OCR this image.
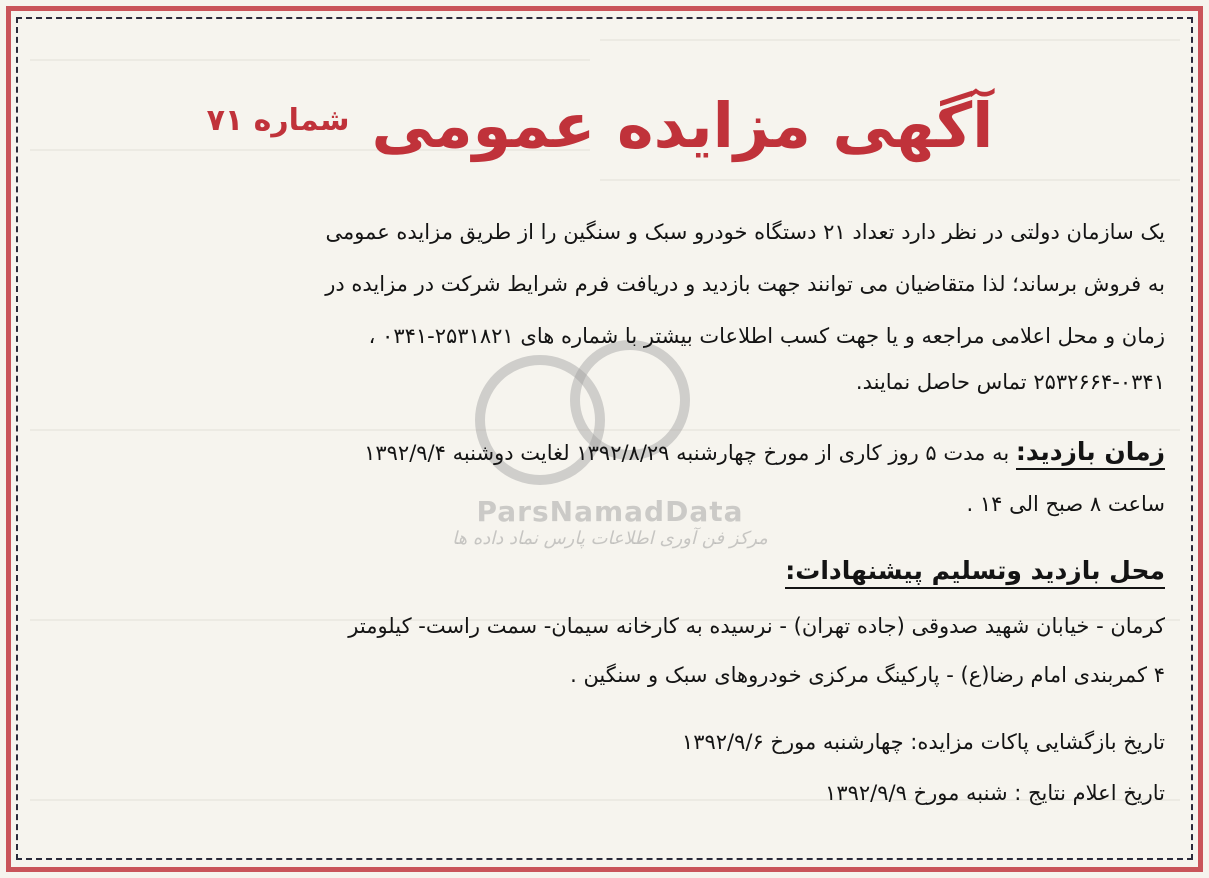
ParsNamadData
مرکز فن آوری اطلاعات پارس نماد داده ها
آگهی مزایده عمومی
شماره ۷۱
یک سازمان دولتی در نظر دارد تعداد ۲۱ دستگاه خودرو سبک و سنگین را از طریق مزایده عمومی
به فروش برساند؛ لذا متقاضیان می توانند جهت بازدید و دریافت فرم شرایط شرکت در مزایده در
زمان و محل اعلامی مراجعه و یا جهت کسب اطلاعات بیشتر با شماره های ۲۵۳۱۸۲۱-۰۳۴۱ ،
۲۵۳۲۶۶۴-۰۳۴۱ تماس حاصل نمایند.
زمان بازدید: به مدت ۵ روز کاری از مورخ چهارشنبه ۱۳۹۲/۸/۲۹ لغایت دوشنبه ۱۳۹۲/۹/۴
ساعت ۸ صبح الی ۱۴ .
محل بازدید وتسلیم پیشنهادات:
کرمان - خیابان شهید صدوقی (جاده تهران) - نرسیده به کارخانه سیمان- سمت راست- کیلومتر
۴ کمربندی امام رضا(ع) - پارکینگ مرکزی خودروهای سبک و سنگین .
تاریخ بازگشایی پاکات مزایده: چهارشنبه مورخ ۱۳۹۲/۹/۶
تاریخ اعلام نتایج : شنبه مورخ ۱۳۹۲/۹/۹
